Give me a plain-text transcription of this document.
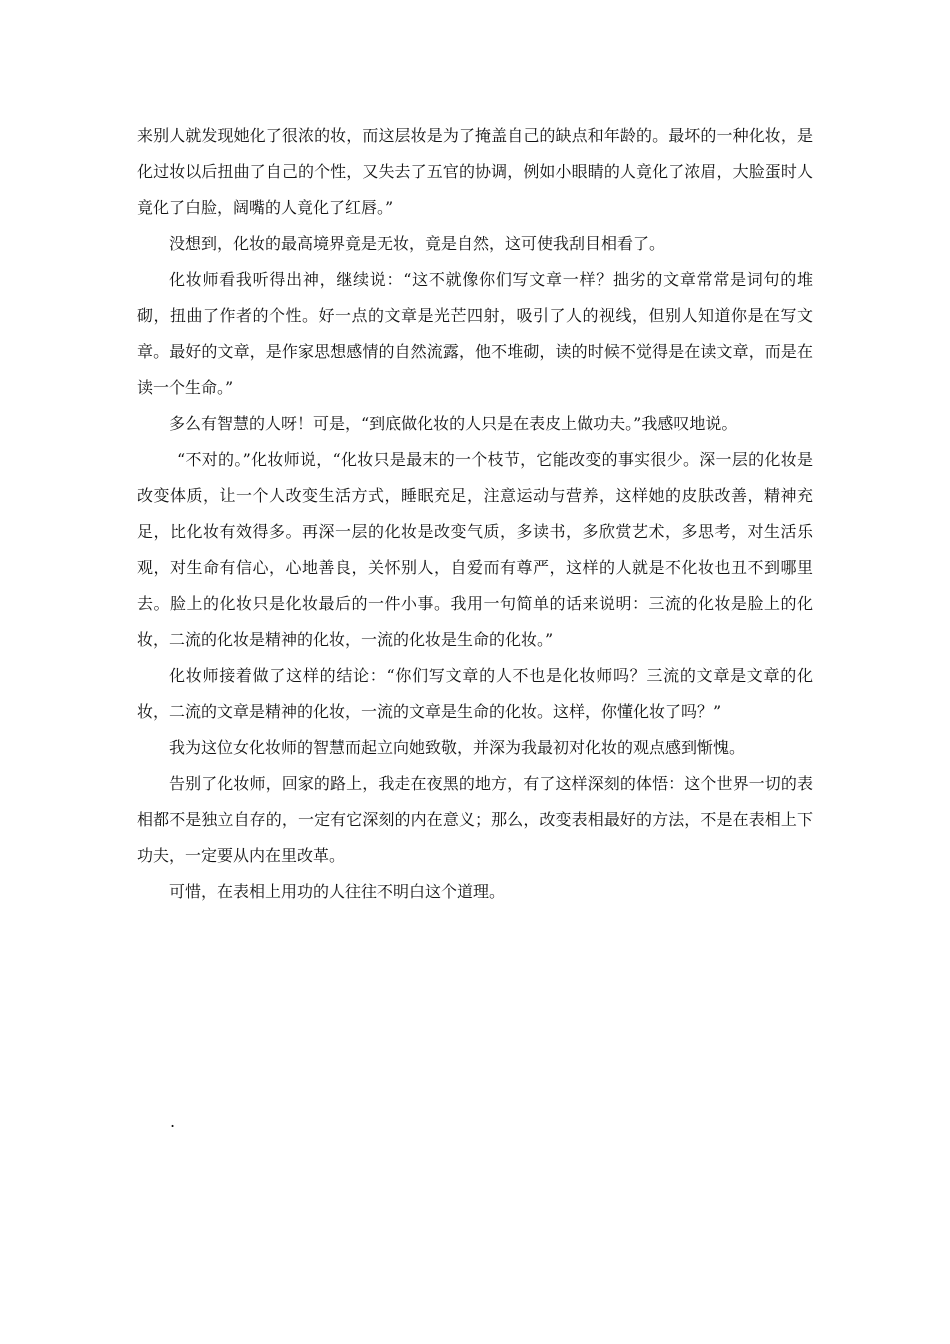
来别人就发现她化了很浓的妆，而这层妆是为了掩盖自己的缺点和年龄的。最坏的一种化妆，是化过妆以后扭曲了自己的个性，又失去了五官的协调，例如小眼睛的人竟化了浓眉，大脸蛋时人竟化了白脸，阔嘴的人竟化了红唇。”

没想到，化妆的最高境界竟是无妆，竟是自然，这可使我刮目相看了。

化妆师看我听得出神，继续说：“这不就像你们写文章一样？拙劣的文章常常是词句的堆砌，扭曲了作者的个性。好一点的文章是光芒四射，吸引了人的视线，但别人知道你是在写文章。最好的文章，是作家思想感情的自然流露，他不堆砌，读的时候不觉得是在读文章，而是在读一个生命。”

多么有智慧的人呀！可是，“到底做化妆的人只是在表皮上做功夫。”我感叹地说。

“不对的。”化妆师说，“化妆只是最末的一个枝节，它能改变的事实很少。深一层的化妆是改变体质，让一个人改变生活方式，睡眠充足，注意运动与营养，这样她的皮肤改善，精神充足，比化妆有效得多。再深一层的化妆是改变气质，多读书，多欣赏艺术，多思考，对生活乐观，对生命有信心，心地善良，关怀别人，自爱而有尊严，这样的人就是不化妆也丑不到哪里去。脸上的化妆只是化妆最后的一件小事。我用一句简单的话来说明：三流的化妆是脸上的化妆，二流的化妆是精神的化妆，一流的化妆是生命的化妆。”

化妆师接着做了这样的结论：“你们写文章的人不也是化妆师吗？三流的文章是文章的化妆，二流的文章是精神的化妆，一流的文章是生命的化妆。这样，你懂化妆了吗？”

我为这位女化妆师的智慧而起立向她致敬，并深为我最初对化妆的观点感到惭愧。

告别了化妆师，回家的路上，我走在夜黑的地方，有了这样深刻的体悟：这个世界一切的表相都不是独立自存的，一定有它深刻的内在意义；那么，改变表相最好的方法，不是在表相上下功夫，一定要从内在里改革。

可惜，在表相上用功的人往往不明白这个道理。

.
